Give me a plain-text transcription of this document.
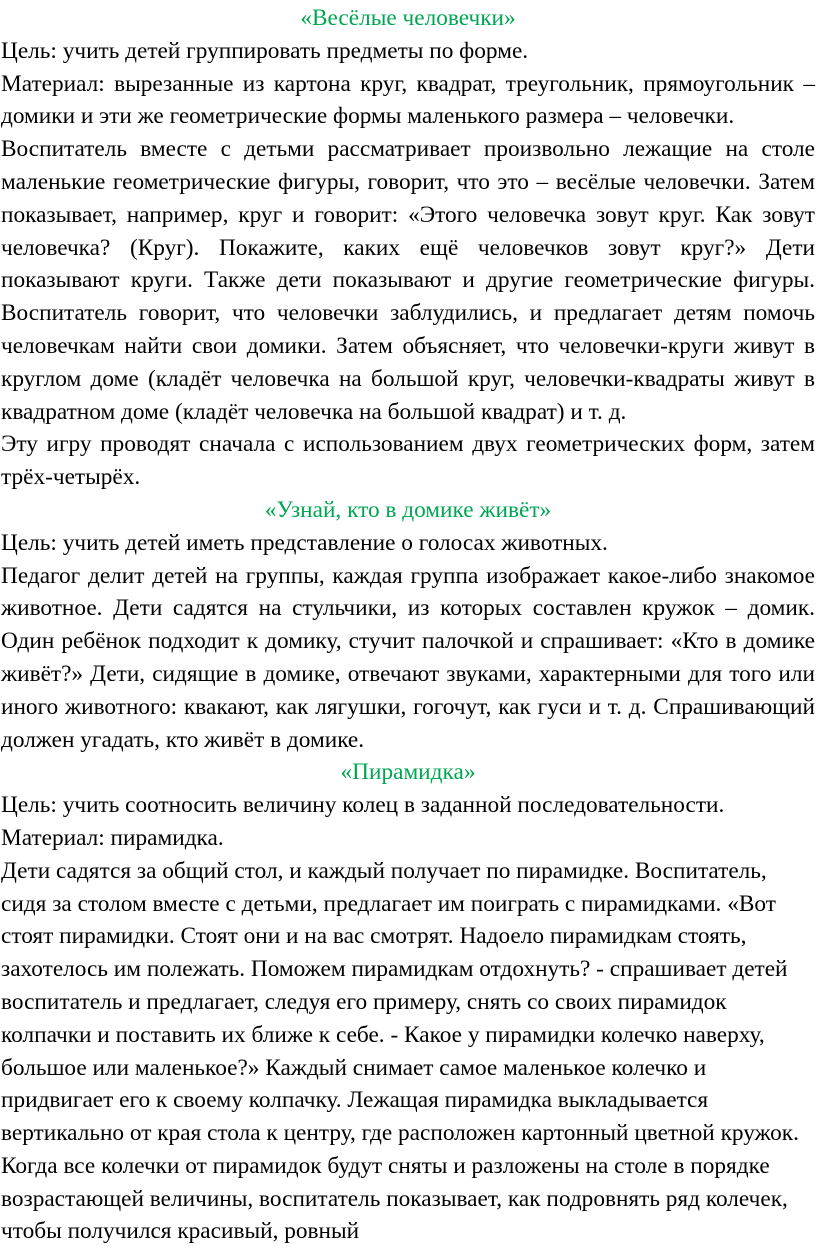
«Весёлые человечки»

Цель: учить детей группировать предметы по форме.

Материал: вырезанные из картона круг, квадрат, треугольник, прямоугольник – домики и эти же геометрические формы маленького размера – человечки.

Воспитатель вместе с детьми рассматривает произвольно лежащие на столе маленькие геометрические фигуры, говорит, что это – весёлые человечки. Затем показывает, например, круг и говорит: «Этого человечка зовут круг. Как зовут человечка? (Круг). Покажите, каких ещё человечков зовут круг?» Дети показывают круги. Также дети показывают и другие геометрические фигуры. Воспитатель говорит, что человечки заблудились, и предлагает детям помочь человечкам найти свои домики. Затем объясняет, что человечки-круги живут в круглом доме (кладёт человечка на большой круг, человечки-квадраты живут в квадратном доме (кладёт человечка на большой квадрат) и т. д.

Эту игру проводят сначала с использованием двух геометрических форм, затем трёх-четырёх.

«Узнай, кто в домике живёт»

Цель: учить детей иметь представление о голосах животных.

Педагог делит детей на группы, каждая группа изображает какое-либо знакомое животное. Дети садятся на стульчики, из которых составлен кружок – домик. Один ребёнок подходит к домику, стучит палочкой и спрашивает: «Кто в домике живёт?» Дети, сидящие в домике, отвечают звуками, характерными для того или иного животного: квакают, как лягушки, гогочут, как гуси и т. д. Спрашивающий должен угадать, кто живёт в домике.

«Пирамидка»

Цель: учить соотносить величину колец в заданной последовательности.

Материал: пирамидка.

Дети садятся за общий стол, и каждый получает по пирамидке. Воспитатель, сидя за столом вместе с детьми, предлагает им поиграть с пирамидками. «Вот стоят пирамидки. Стоят они и на вас смотрят. Надоело пирамидкам стоять, захотелось им полежать. Поможем пирамидкам отдохнуть? - спрашивает детей воспитатель и предлагает, следуя его примеру, снять со своих пирамидок колпачки и поставить их ближе к себе. - Какое у пирамидки колечко наверху, большое или маленькое?» Каждый снимает самое маленькое колечко и придвигает его к своему колпачку. Лежащая пирамидка выкладывается вертикально от края стола к центру, где расположен картонный цветной кружок. Когда все колечки от пирамидок будут сняты и разложены на столе в порядке возрастающей величины, воспитатель показывает, как подровнять ряд колечек, чтобы получился красивый, ровный
